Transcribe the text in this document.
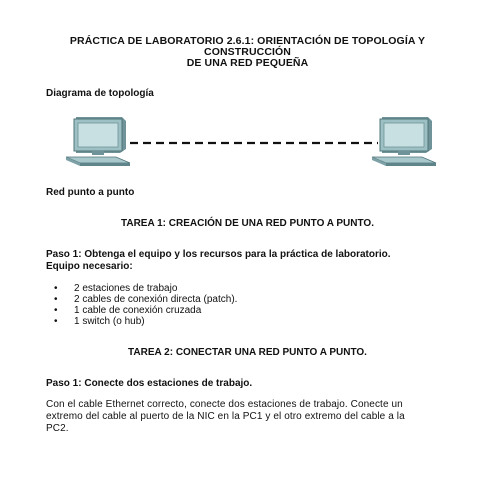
PRÁCTICA DE LABORATORIO 2.6.1: ORIENTACIÓN DE TOPOLOGÍA Y
CONSTRUCCIÓN
DE UNA RED PEQUEÑA
Diagrama de topología
Red punto a punto
TAREA 1: CREACIÓN DE UNA RED PUNTO A PUNTO.
Paso 1: Obtenga el equipo y los recursos para la práctica de laboratorio.
Equipo necesario:
• 2 estaciones de trabajo
• 2 cables de conexión directa (patch).
• 1 cable de conexión cruzada
• 1 switch (o hub)
TAREA 2: CONECTAR UNA RED PUNTO A PUNTO.
Paso 1: Conecte dos estaciones de trabajo.
Con el cable Ethernet correcto, conecte dos estaciones de trabajo. Conecte un
extremo del cable al puerto de la NIC en la PC1 y el otro extremo del cable a la
PC2.
